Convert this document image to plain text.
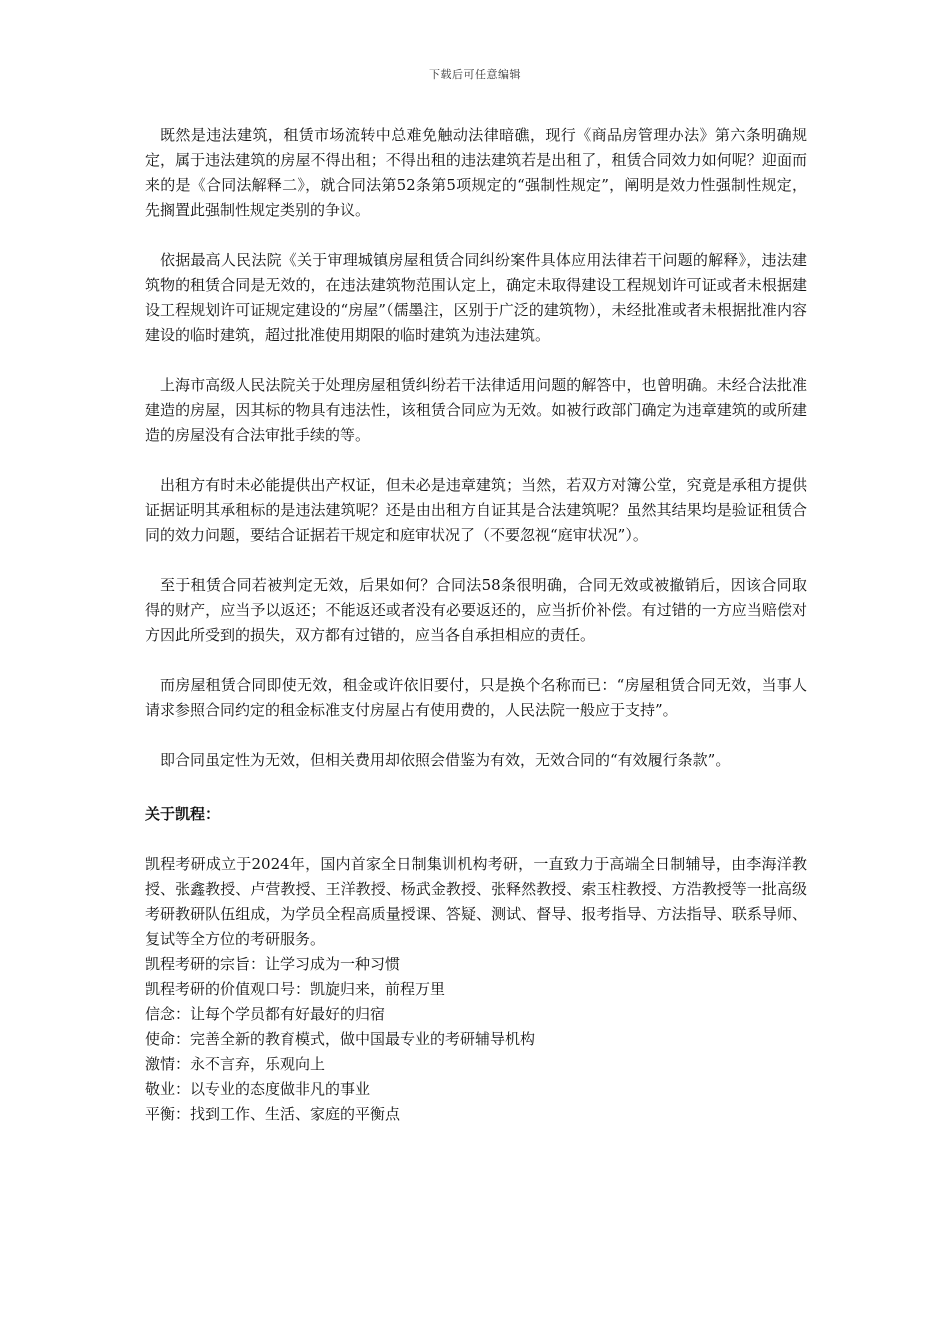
下载后可任意编辑

既然是违法建筑，租赁市场流转中总难免触动法律暗礁，现行《商品房管理办法》第六条明确规定，属于违法建筑的房屋不得出租；不得出租的违法建筑若是出租了，租赁合同效力如何呢？迎面而来的是《合同法解释二》，就合同法第52条第5项规定的“强制性规定”，阐明是效力性强制性规定，先搁置此强制性规定类别的争议。

依据最高人民法院《关于审理城镇房屋租赁合同纠纷案件具体应用法律若干问题的解释》，违法建筑物的租赁合同是无效的，在违法建筑物范围认定上，确定未取得建设工程规划许可证或者未根据建设工程规划许可证规定建设的“房屋”（儒墨注，区别于广泛的建筑物），未经批准或者未根据批准内容建设的临时建筑，超过批准使用期限的临时建筑为违法建筑。

上海市高级人民法院关于处理房屋租赁纠纷若干法律适用问题的解答中，也曾明确。未经合法批准建造的房屋，因其标的物具有违法性，该租赁合同应为无效。如被行政部门确定为违章建筑的或所建造的房屋没有合法审批手续的等。

出租方有时未必能提供出产权证，但未必是违章建筑；当然，若双方对簿公堂，究竟是承租方提供证据证明其承租标的是违法建筑呢？还是由出租方自证其是合法建筑呢？虽然其结果均是验证租赁合同的效力问题，要结合证据若干规定和庭审状况了（不要忽视“庭审状况”）。

至于租赁合同若被判定无效，后果如何？合同法58条很明确，合同无效或被撤销后，因该合同取得的财产，应当予以返还；不能返还或者没有必要返还的，应当折价补偿。有过错的一方应当赔偿对方因此所受到的损失，双方都有过错的，应当各自承担相应的责任。

而房屋租赁合同即使无效，租金或许依旧要付，只是换个名称而已：“房屋租赁合同无效，当事人请求参照合同约定的租金标准支付房屋占有使用费的，人民法院一般应于支持”。

即合同虽定性为无效，但相关费用却依照会借鉴为有效，无效合同的“有效履行条款”。

关于凯程：

凯程考研成立于2024年，国内首家全日制集训机构考研，一直致力于高端全日制辅导，由李海洋教授、张鑫教授、卢营教授、王洋教授、杨武金教授、张释然教授、索玉柱教授、方浩教授等一批高级考研教研队伍组成，为学员全程高质量授课、答疑、测试、督导、报考指导、方法指导、联系导师、复试等全方位的考研服务。

凯程考研的宗旨：让学习成为一种习惯

凯程考研的价值观口号：凯旋归来，前程万里

信念：让每个学员都有好最好的归宿

使命：完善全新的教育模式，做中国最专业的考研辅导机构

激情：永不言弃，乐观向上

敬业：以专业的态度做非凡的事业

平衡：找到工作、生活、家庭的平衡点
